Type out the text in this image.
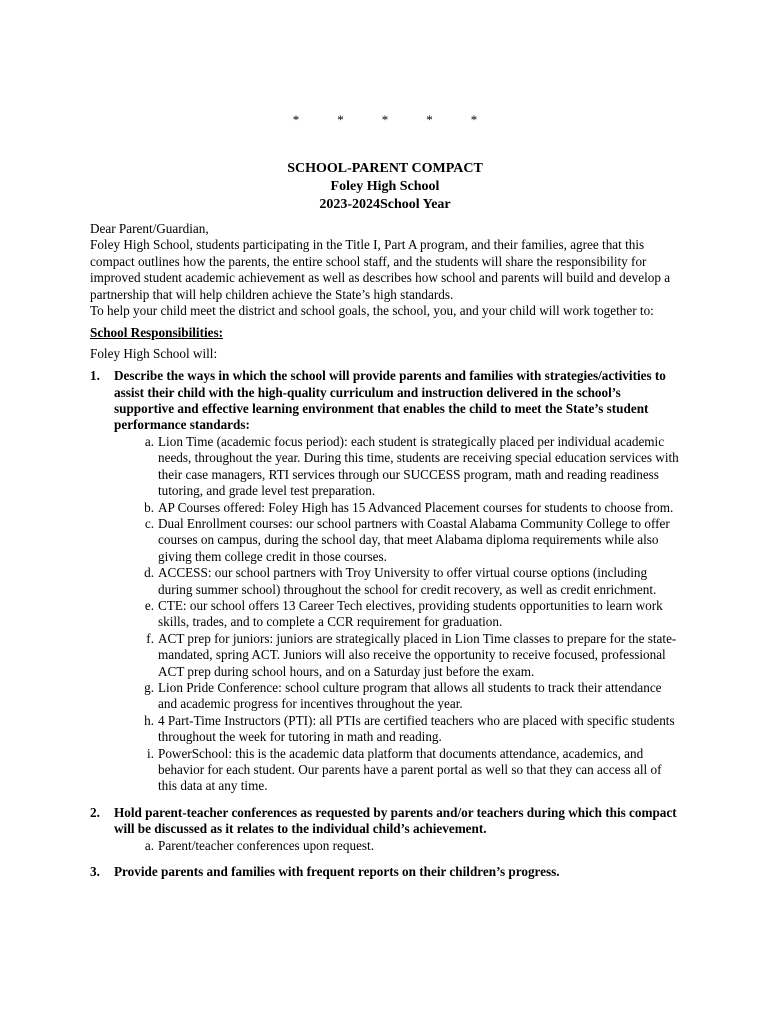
*	*	*	*	*
SCHOOL-PARENT COMPACT
Foley High School
2023-2024School Year

Dear Parent/Guardian,

Foley High School, students participating in the Title I, Part A program, and their families, agree that this compact outlines how the parents, the entire school staff, and the students will share the responsibility for improved student academic achievement as well as describes how school and parents will build and develop a partnership that will help children achieve the State’s high standards.

To help your child meet the district and school goals, the school, you, and your child will work together to:

School Responsibilities:

Foley High School will:

1. Describe the ways in which the school will provide parents and families with strategies/activities to assist their child with the high-quality curriculum and instruction delivered in the school’s supportive and effective learning environment that enables the child to meet the State’s student performance standards:
a. Lion Time (academic focus period): each student is strategically placed per individual academic needs, throughout the year. During this time, students are receiving special education services with their case managers, RTI services through our SUCCESS program, math and reading readiness tutoring, and grade level test preparation.
b. AP Courses offered: Foley High has 15 Advanced Placement courses for students to choose from.
c. Dual Enrollment courses: our school partners with Coastal Alabama Community College to offer courses on campus, during the school day, that meet Alabama diploma requirements while also giving them college credit in those courses.
d. ACCESS: our school partners with Troy University to offer virtual course options (including during summer school) throughout the school for credit recovery, as well as credit enrichment.
e. CTE: our school offers 13 Career Tech electives, providing students opportunities to learn work skills, trades, and to complete a CCR requirement for graduation.
f. ACT prep for juniors: juniors are strategically placed in Lion Time classes to prepare for the state-mandated, spring ACT. Juniors will also receive the opportunity to receive focused, professional ACT prep during school hours, and on a Saturday just before the exam.
g. Lion Pride Conference: school culture program that allows all students to track their attendance and academic progress for incentives throughout the year.
h. 4 Part-Time Instructors (PTI): all PTIs are certified teachers who are placed with specific students throughout the week for tutoring in math and reading.
i. PowerSchool: this is the academic data platform that documents attendance, academics, and behavior for each student. Our parents have a parent portal as well so that they can access all of this data at any time.
2. Hold parent-teacher conferences as requested by parents and/or teachers during which this compact will be discussed as it relates to the individual child’s achievement.
a. Parent/teacher conferences upon request.
3. Provide parents and families with frequent reports on their children’s progress.
